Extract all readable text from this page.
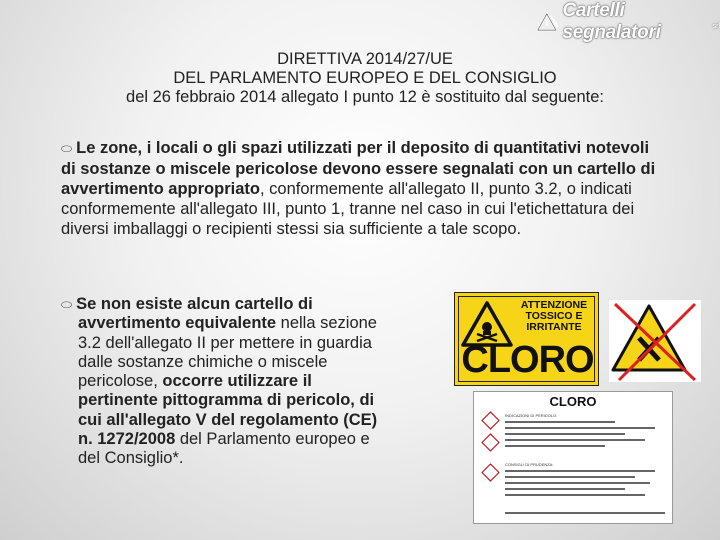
Cartelli segnalatori	srl
DIRETTIVA 2014/27/UE
DEL PARLAMENTO EUROPEO E DEL CONSIGLIO
del 26 febbraio 2014 allegato I punto 12 è sostituito dal seguente:
⬭ Le zone, i locali o gli spazi utilizzati per il deposito di quantitativi notevoli di sostanze o miscele pericolose devono essere segnalati con un cartello di avvertimento appropriato, conformemente all'allegato II, punto 3.2, o indicati conformemente all'allegato III, punto 1, tranne nel caso in cui l'etichettatura dei diversi imballaggi o recipienti stessi sia sufficiente a tale scopo.
⬭ Se non esiste alcun cartello di avvertimento equivalente nella sezione 3.2 dell'allegato II per mettere in guardia dalle sostanze chimiche o miscele pericolose, occorre utilizzare il pertinente pittogramma di pericolo, di cui all'allegato V del regolamento (CE) n. 1272/2008 del Parlamento europeo e del Consiglio*.
ATTENZIONE TOSSICO E IRRITANTE
CLORO
CLORO
INDICAZIONI DI PERICOLO:
CONSIGLI DI PRUDENZA:
